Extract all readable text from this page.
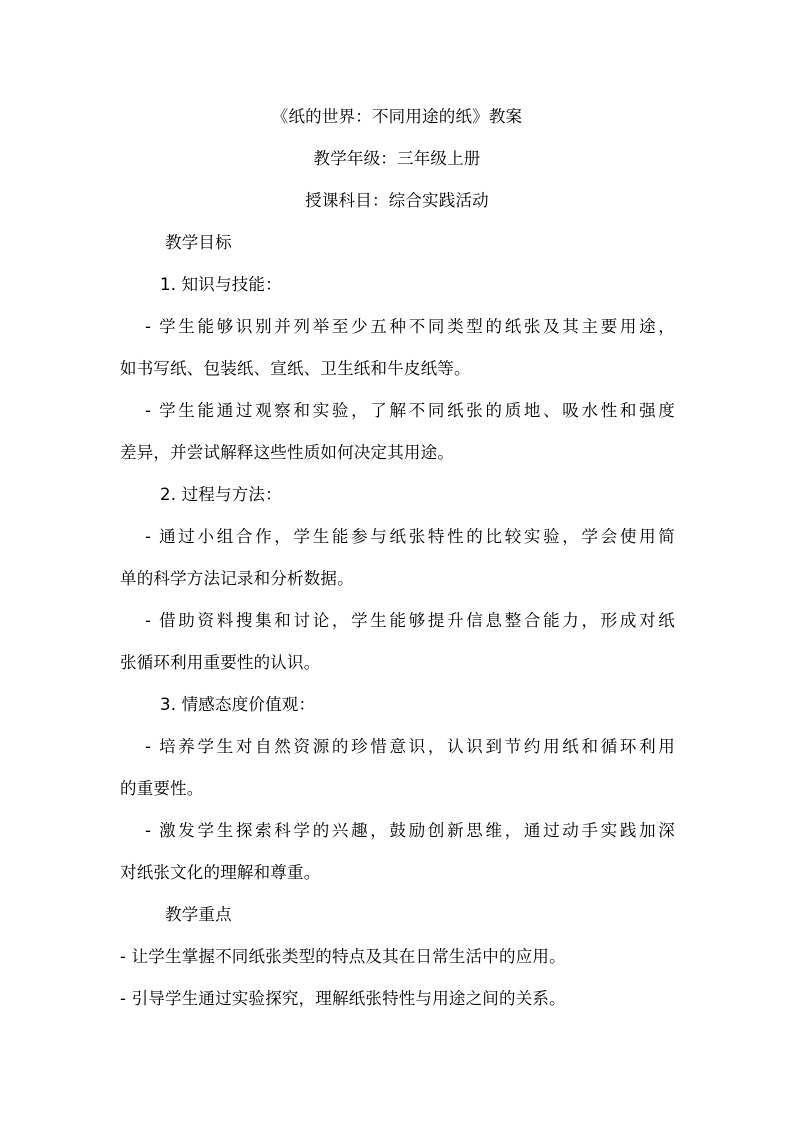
《纸的世界：不同用途的纸》教案
教学年级：三年级上册
授课科目：综合实践活动
教学目标
1. 知识与技能：
- 学生能够识别并列举至少五种不同类型的纸张及其主要用途，
如书写纸、包装纸、宣纸、卫生纸和牛皮纸等。
- 学生能通过观察和实验，了解不同纸张的质地、吸水性和强度
差异，并尝试解释这些性质如何决定其用途。
2. 过程与方法：
- 通过小组合作，学生能参与纸张特性的比较实验，学会使用简
单的科学方法记录和分析数据。
- 借助资料搜集和讨论，学生能够提升信息整合能力，形成对纸
张循环利用重要性的认识。
3. 情感态度价值观：
- 培养学生对自然资源的珍惜意识，认识到节约用纸和循环利用
的重要性。
- 激发学生探索科学的兴趣，鼓励创新思维，通过动手实践加深
对纸张文化的理解和尊重。
教学重点
- 让学生掌握不同纸张类型的特点及其在日常生活中的应用。
- 引导学生通过实验探究，理解纸张特性与用途之间的关系。
